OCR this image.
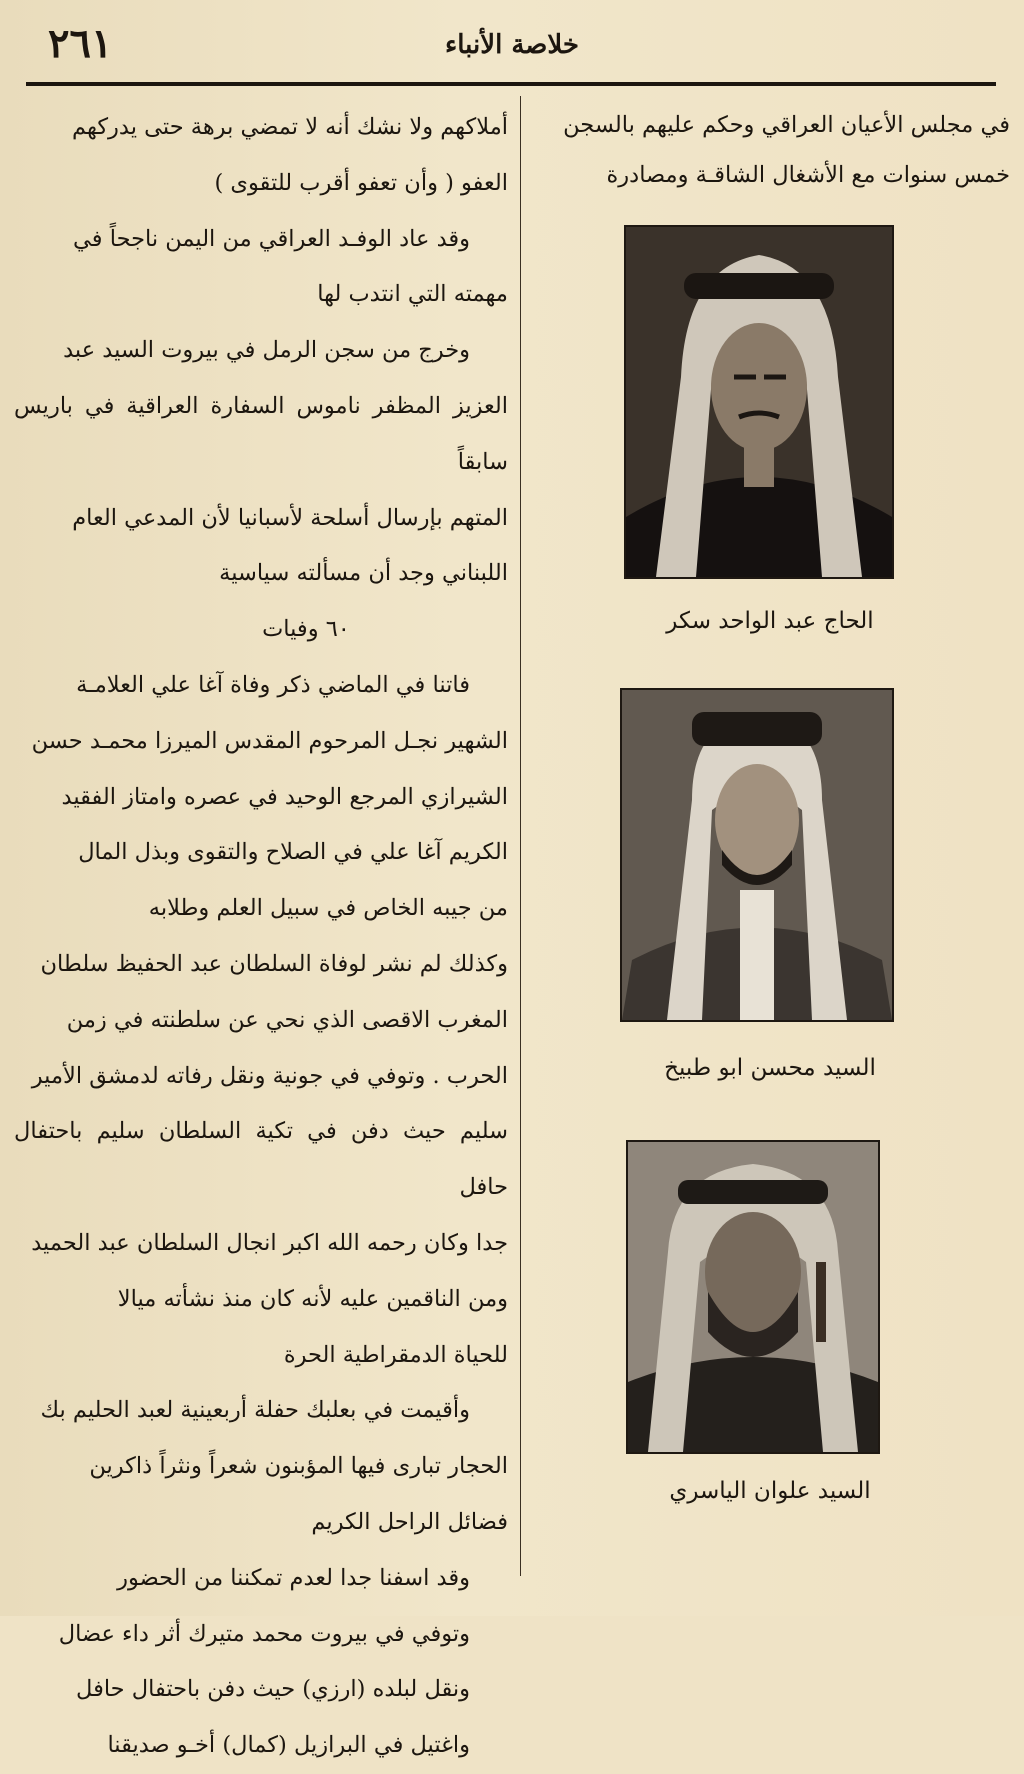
٢٦١	خلاصة الأنباء
في مجلس الأعيان العراقي وحكم عليهم بالسجن
خمس سنوات مع الأشغال الشاقـة ومصادرة
الحاج عبد الواحد سكر
السيد محسن ابو طبيخ
السيد علوان الياسري

أملاكهم ولا نشك أنه لا تمضي برهة حتى يدركهم

العفو ( وأن تعفو أقرب للتقوى )

وقد عاد الوفـد العراقي من اليمن ناجحاً في

مهمته التي انتدب لها

وخرج من سجن الرمل في بيروت السيد عبد

العزيز المظفر ناموس السفارة العراقية في باريس سابقاً

المتهم بإرسال أسلحة لأسبانيا لأن المدعي العام

اللبناني وجد أن مسألته سياسية

٦٠ وفيات

فاتنا في الماضي ذكر وفاة آغا علي العلامـة

الشهير نجـل المرحوم المقدس الميرزا محمـد حسن

الشيرازي المرجع الوحيد في عصره وامتاز الفقيد

الكريم آغا علي في الصلاح والتقوى وبذل المال

من جيبه الخاص في سبيل العلم وطلابه

وكذلك لم نشر لوفاة السلطان عبد الحفيظ سلطان

المغرب الاقصى الذي نحي عن سلطنته في زمن

الحرب . وتوفي في جونية ونقل رفاته لدمشق الأمير

سليم حيث دفن في تكية السلطان سليم باحتفال حافل

جدا وكان رحمه الله اكبر انجال السلطان عبد الحميد

ومن الناقمين عليه لأنه كان منذ نشأته ميالا

للحياة الدمقراطية الحرة

وأقيمت في بعلبك حفلة أربعينية لعبد الحليم بك

الحجار تبارى فيها المؤبنون شعراً ونثراً ذاكرين

فضائل الراحل الكريم

وقد اسفنا جدا لعدم تمكننا من الحضور

وتوفي في بيروت محمد متيرك أثر داء عضال

ونقل لبلده (ارزي) حيث دفن باحتفال حافل

واغتيل في البرازيل (كمال) أخـو صديقنا
